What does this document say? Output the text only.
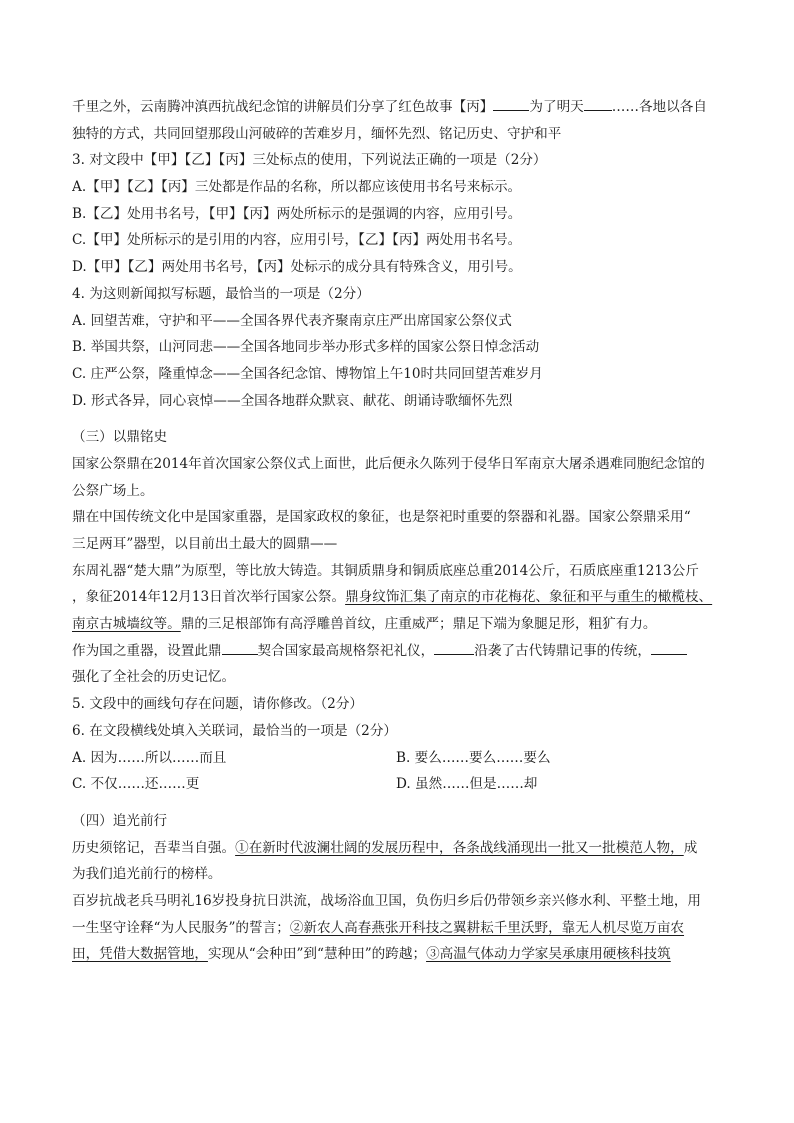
千里之外，云南腾冲滇西抗战纪念馆的讲解员们分享了红色故事【丙】	为了明天 ……各地以各自
独特的方式，共同回望那段山河破碎的苦难岁月，缅怀先烈、铭记历史、守护和平
3. 对文段中【甲】【乙】【丙】三处标点的使用，下列说法正确的一项是（2分）
A.【甲】【乙】【丙】三处都是作品的名称，所以都应该使用书名号来标示。
B.【乙】处用书名号，【甲】【丙】两处所标示的是强调的内容，应用引号。
C.【甲】处所标示的是引用的内容，应用引号，【乙】【丙】两处用书名号。
D.【甲】【乙】两处用书名号，【丙】处标示的成分具有特殊含义，用引号。
4. 为这则新闻拟写标题，最恰当的一项是（2分）
A. 回望苦难，守护和平——全国各界代表齐聚南京庄严出席国家公祭仪式
B. 举国共祭，山河同悲——全国各地同步举办形式多样的国家公祭日悼念活动
C. 庄严公祭，隆重悼念——全国各纪念馆、博物馆上午10时共同回望苦难岁月
D. 形式各异，同心哀悼——全国各地群众默哀、献花、朗诵诗歌缅怀先烈
（三）以鼎铭史
国家公祭鼎在2014年首次国家公祭仪式上面世，此后便永久陈列于侵华日军南京大屠杀遇难同胞纪念馆的
公祭广场上。
鼎在中国传统文化中是国家重器，是国家政权的象征，也是祭祀时重要的祭器和礼器。国家公祭鼎采用“
三足两耳”器型，以目前出土最大的圆鼎——
东周礼器“楚大鼎”为原型，等比放大铸造。其铜质鼎身和铜质底座总重2014公斤，石质底座重1213公斤
，象征2014年12月13日首次举行国家公祭。鼎身纹饰汇集了南京的市花梅花、象征和平与重生的橄榄枝、
南京古城墙纹等。鼎的三足根部饰有高浮雕兽首纹，庄重威严；鼎足下端为象腿足形，粗犷有力。
作为国之重器，设置此鼎	契合国家最高规格祭祀礼仪，	沿袭了古代铸鼎记事的传统，
强化了全社会的历史记忆。
5. 文段中的画线句存在问题，请你修改。（2分）
6. 在文段横线处填入关联词，最恰当的一项是（2分）
A. 因为……所以……而且	B. 要么……要么……要么
C. 不仅……还……更	D. 虽然……但是……却
（四）追光前行
历史须铭记，吾辈当自强。①在新时代波澜壮阔的发展历程中，各条战线涌现出一批又一批模范人物，成
为我们追光前行的榜样。
百岁抗战老兵马明礼16岁投身抗日洪流，战场浴血卫国，负伤归乡后仍带领乡亲兴修水利、平整土地，用
一生坚守诠释“为人民服务”的誓言；②新农人高春燕张开科技之翼耕耘千里沃野，靠无人机尽览万亩农
田，凭借大数据管地，实现从“会种田”到“慧种田”的跨越；③高温气体动力学家吴承康用硬核科技筑
